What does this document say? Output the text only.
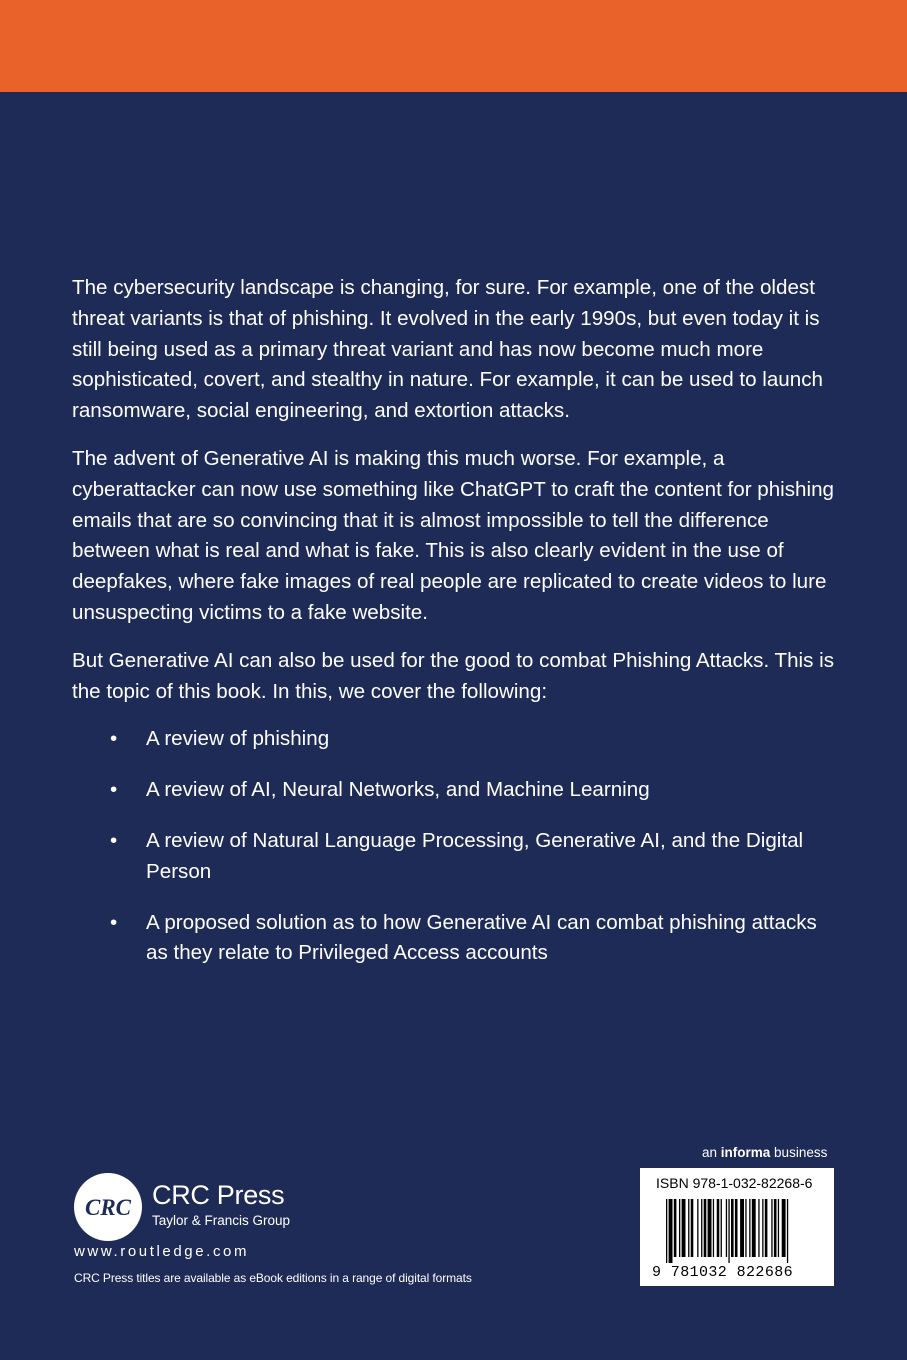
The cybersecurity landscape is changing, for sure. For example, one of the oldest threat variants is that of phishing. It evolved in the early 1990s, but even today it is still being used as a primary threat variant and has now become much more sophisticated, covert, and stealthy in nature. For example, it can be used to launch ransomware, social engineering, and extortion attacks.

The advent of Generative AI is making this much worse. For example, a cyberattacker can now use something like ChatGPT to craft the content for phishing emails that are so convincing that it is almost impossible to tell the difference between what is real and what is fake. This is also clearly evident in the use of deepfakes, where fake images of real people are replicated to create videos to lure unsuspecting victims to a fake website.

But Generative AI can also be used for the good to combat Phishing Attacks. This is the topic of this book. In this, we cover the following:

• A review of phishing
• A review of AI, Neural Networks, and Machine Learning
• A review of Natural Language Processing, Generative AI, and the Digital Person
• A proposed solution as to how Generative AI can combat phishing attacks as they relate to Privileged Access accounts
an informa business
ISBN 978-1-032-82268-6
9 781032 822686
CRC CRC Press
Taylor & Francis Group
www.routledge.com
CRC Press titles are available as eBook editions in a range of digital formats
